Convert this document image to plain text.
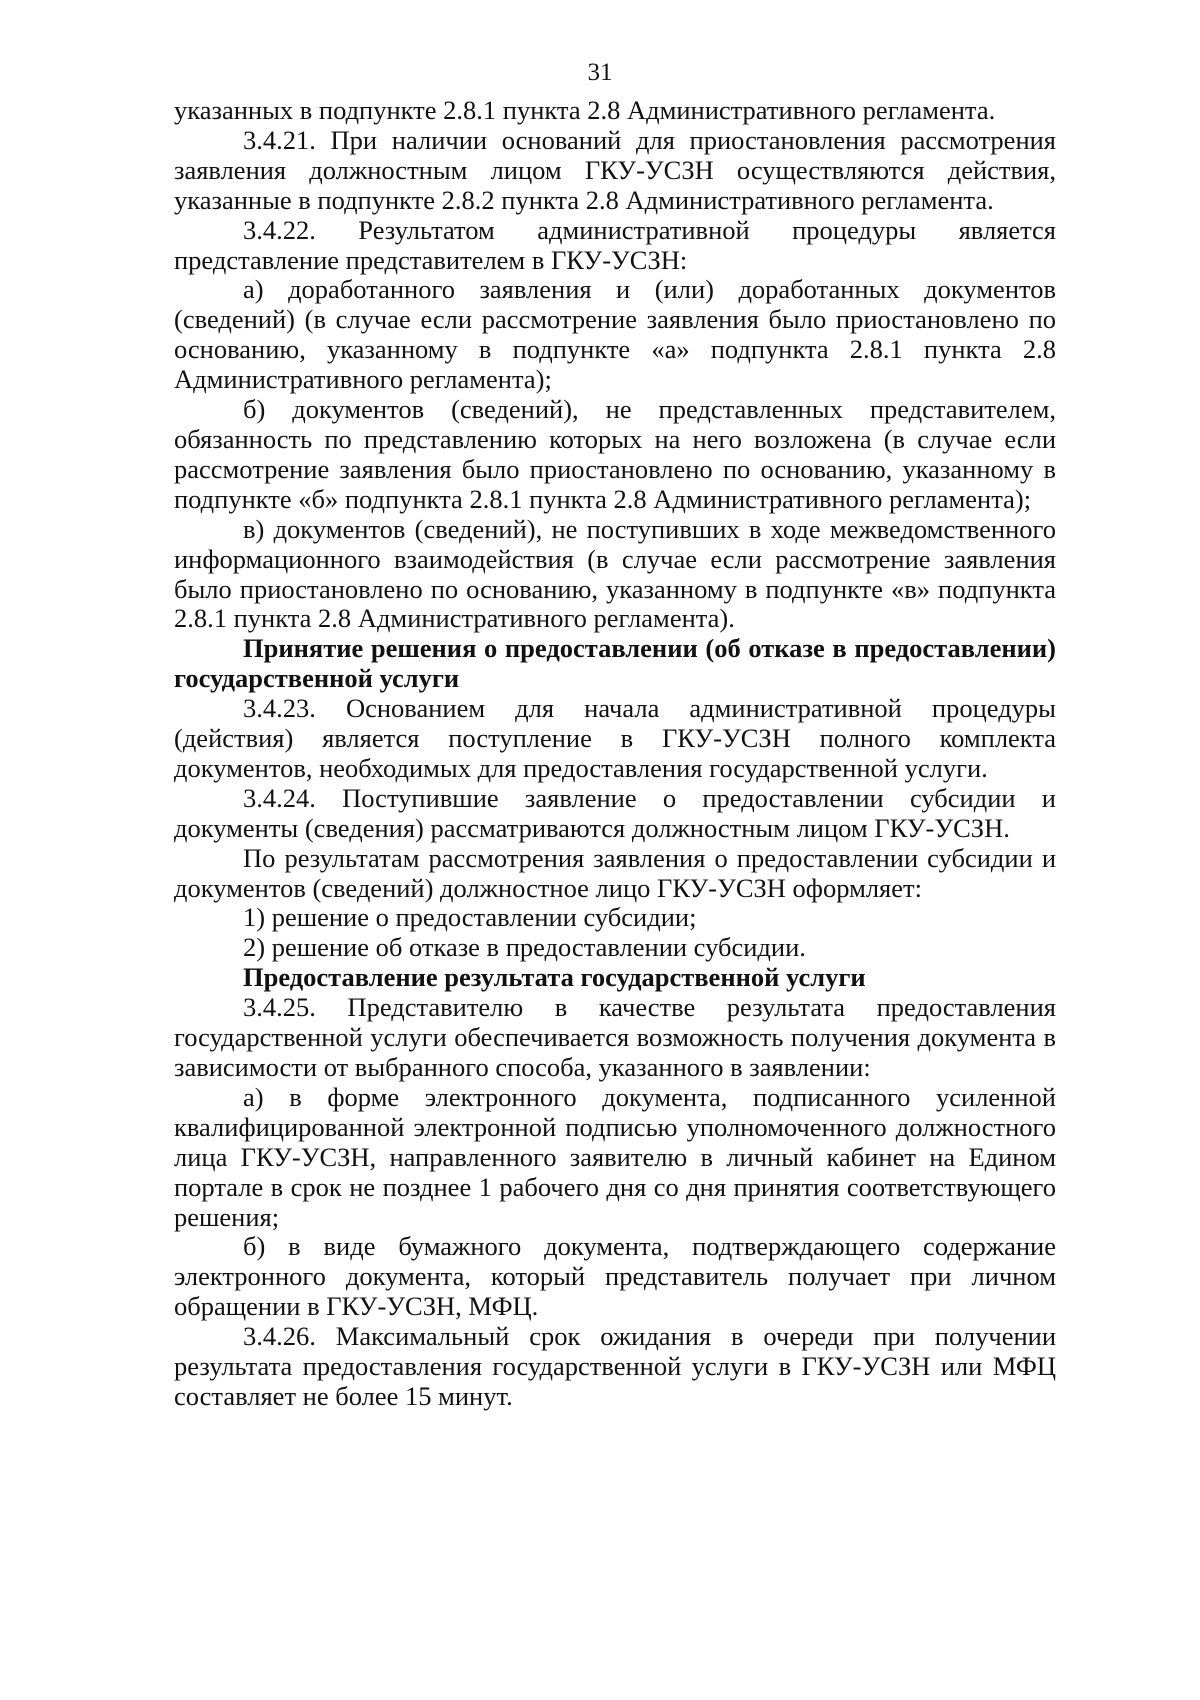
31

указанных в подпункте 2.8.1 пункта 2.8 Административного регламента.

3.4.21. При наличии оснований для приостановления рассмотрения заявления должностным лицом ГКУ-УСЗН осуществляются действия, указанные в подпункте 2.8.2 пункта 2.8 Административного регламента.

3.4.22. Результатом административной процедуры является представление представителем в ГКУ-УСЗН:

а) доработанного заявления и (или) доработанных документов (сведений) (в случае если рассмотрение заявления было приостановлено по основанию, указанному в подпункте «а» подпункта 2.8.1 пункта 2.8 Административного регламента);

б) документов (сведений), не представленных представителем, обязанность по представлению которых на него возложена (в случае если рассмотрение заявления было приостановлено по основанию, указанному в подпункте «б» подпункта 2.8.1 пункта 2.8 Административного регламента);

в) документов (сведений), не поступивших в ходе межведомственного информационного взаимодействия (в случае если рассмотрение заявления было приостановлено по основанию, указанному в подпункте «в» подпункта 2.8.1 пункта 2.8 Административного регламента).

Принятие решения о предоставлении (об отказе в предоставлении) государственной услуги

3.4.23. Основанием для начала административной процедуры (действия) является поступление в ГКУ-УСЗН полного комплекта документов, необходимых для предоставления государственной услуги.

3.4.24. Поступившие заявление о предоставлении субсидии и документы (сведения) рассматриваются должностным лицом ГКУ-УСЗН.

По результатам рассмотрения заявления о предоставлении субсидии и документов (сведений) должностное лицо ГКУ-УСЗН оформляет:

1) решение о предоставлении субсидии;

2) решение об отказе в предоставлении субсидии.

Предоставление результата государственной услуги

3.4.25. Представителю в качестве результата предоставления государственной услуги обеспечивается возможность получения документа в зависимости от выбранного способа, указанного в заявлении:

а) в форме электронного документа, подписанного усиленной квалифицированной электронной подписью уполномоченного должностного лица ГКУ-УСЗН, направленного заявителю в личный кабинет на Едином портале в срок не позднее 1 рабочего дня со дня принятия соответствующего решения;

б) в виде бумажного документа, подтверждающего содержание электронного документа, который представитель получает при личном обращении в ГКУ-УСЗН, МФЦ.

3.4.26. Максимальный срок ожидания в очереди при получении результата предоставления государственной услуги в ГКУ-УСЗН или МФЦ составляет не более 15 минут.
